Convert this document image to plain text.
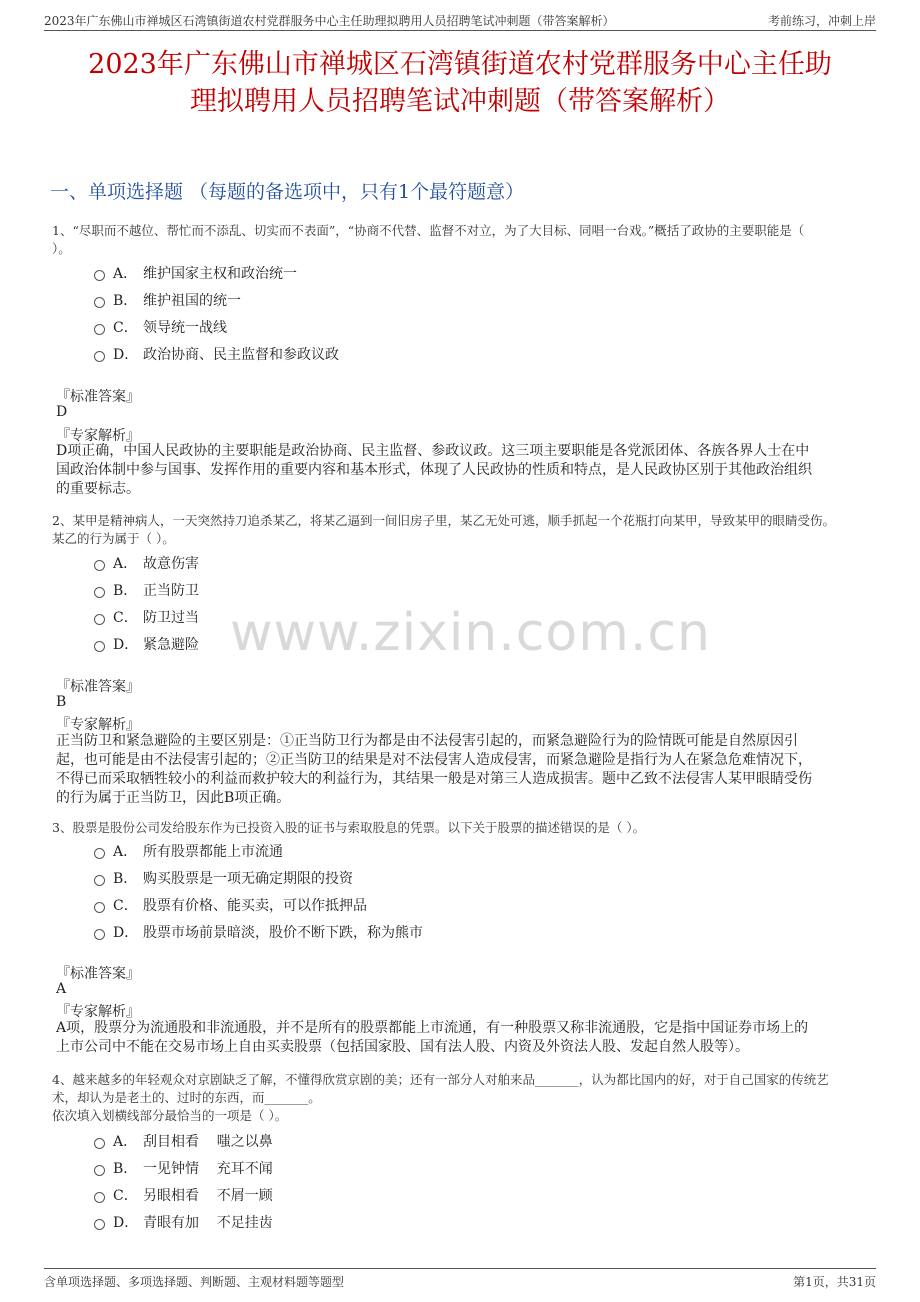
2023年广东佛山市禅城区石湾镇街道农村党群服务中心主任助理拟聘用人员招聘笔试冲刺题（带答案解析）	考前练习，冲刺上岸
2023年广东佛山市禅城区石湾镇街道农村党群服务中心主任助
理拟聘用人员招聘笔试冲刺题（带答案解析）
一、单项选择题 （每题的备选项中，只有1个最符题意）
www.zixin.com.cn
1、“尽职而不越位、帮忙而不添乱、切实而不表面”，“协商不代替、监督不对立，为了大目标、同唱一台戏。”概括了政协的主要职能是（
）。
A． 维护国家主权和政治统一
B． 维护祖国的统一
C． 领导统一战线
D． 政治协商、民主监督和参政议政
『标准答案』
D
『专家解析』
D项正确，中国人民政协的主要职能是政治协商、民主监督、参政议政。这三项主要职能是各党派团体、各族各界人士在中
国政治体制中参与国事、发挥作用的重要内容和基本形式，体现了人民政协的性质和特点，是人民政协区别于其他政治组织
的重要标志。
2、某甲是精神病人，一天突然持刀追杀某乙，将某乙逼到一间旧房子里，某乙无处可逃，顺手抓起一个花瓶打向某甲，导致某甲的眼睛受伤。
某乙的行为属于（ ）。
A． 故意伤害
B． 正当防卫
C． 防卫过当
D． 紧急避险
『标准答案』
B
『专家解析』
正当防卫和紧急避险的主要区别是：①正当防卫行为都是由不法侵害引起的，而紧急避险行为的险情既可能是自然原因引
起，也可能是由不法侵害引起的；②正当防卫的结果是对不法侵害人造成侵害，而紧急避险是指行为人在紧急危难情况下，
不得已而采取牺牲较小的利益而救护较大的利益行为，其结果一般是对第三人造成损害。题中乙致不法侵害人某甲眼睛受伤
的行为属于正当防卫，因此B项正确。
3、股票是股份公司发给股东作为已投资入股的证书与索取股息的凭票。以下关于股票的描述错误的是（ ）。
A． 所有股票都能上市流通
B． 购买股票是一项无确定期限的投资
C． 股票有价格、能买卖，可以作抵押品
D． 股票市场前景暗淡，股价不断下跌，称为熊市
『标准答案』
A
『专家解析』
A项，股票分为流通股和非流通股，并不是所有的股票都能上市流通，有一种股票又称非流通股，它是指中国证券市场上的
上市公司中不能在交易市场上自由买卖股票（包括国家股、国有法人股、内资及外资法人股、发起自然人股等）。
4、越来越多的年轻观众对京剧缺乏了解，不懂得欣赏京剧的美；还有一部分人对舶来品_______，认为都比国内的好，对于自己国家的传统艺
术，却认为是老土的、过时的东西，而_______。
依次填入划横线部分最恰当的一项是（ ）。
A． 刮目相看    嗤之以鼻
B． 一见钟情    充耳不闻
C． 另眼相看    不屑一顾
D． 青眼有加    不足挂齿
含单项选择题、多项选择题、判断题、主观材料题等题型	第1页，共31页
